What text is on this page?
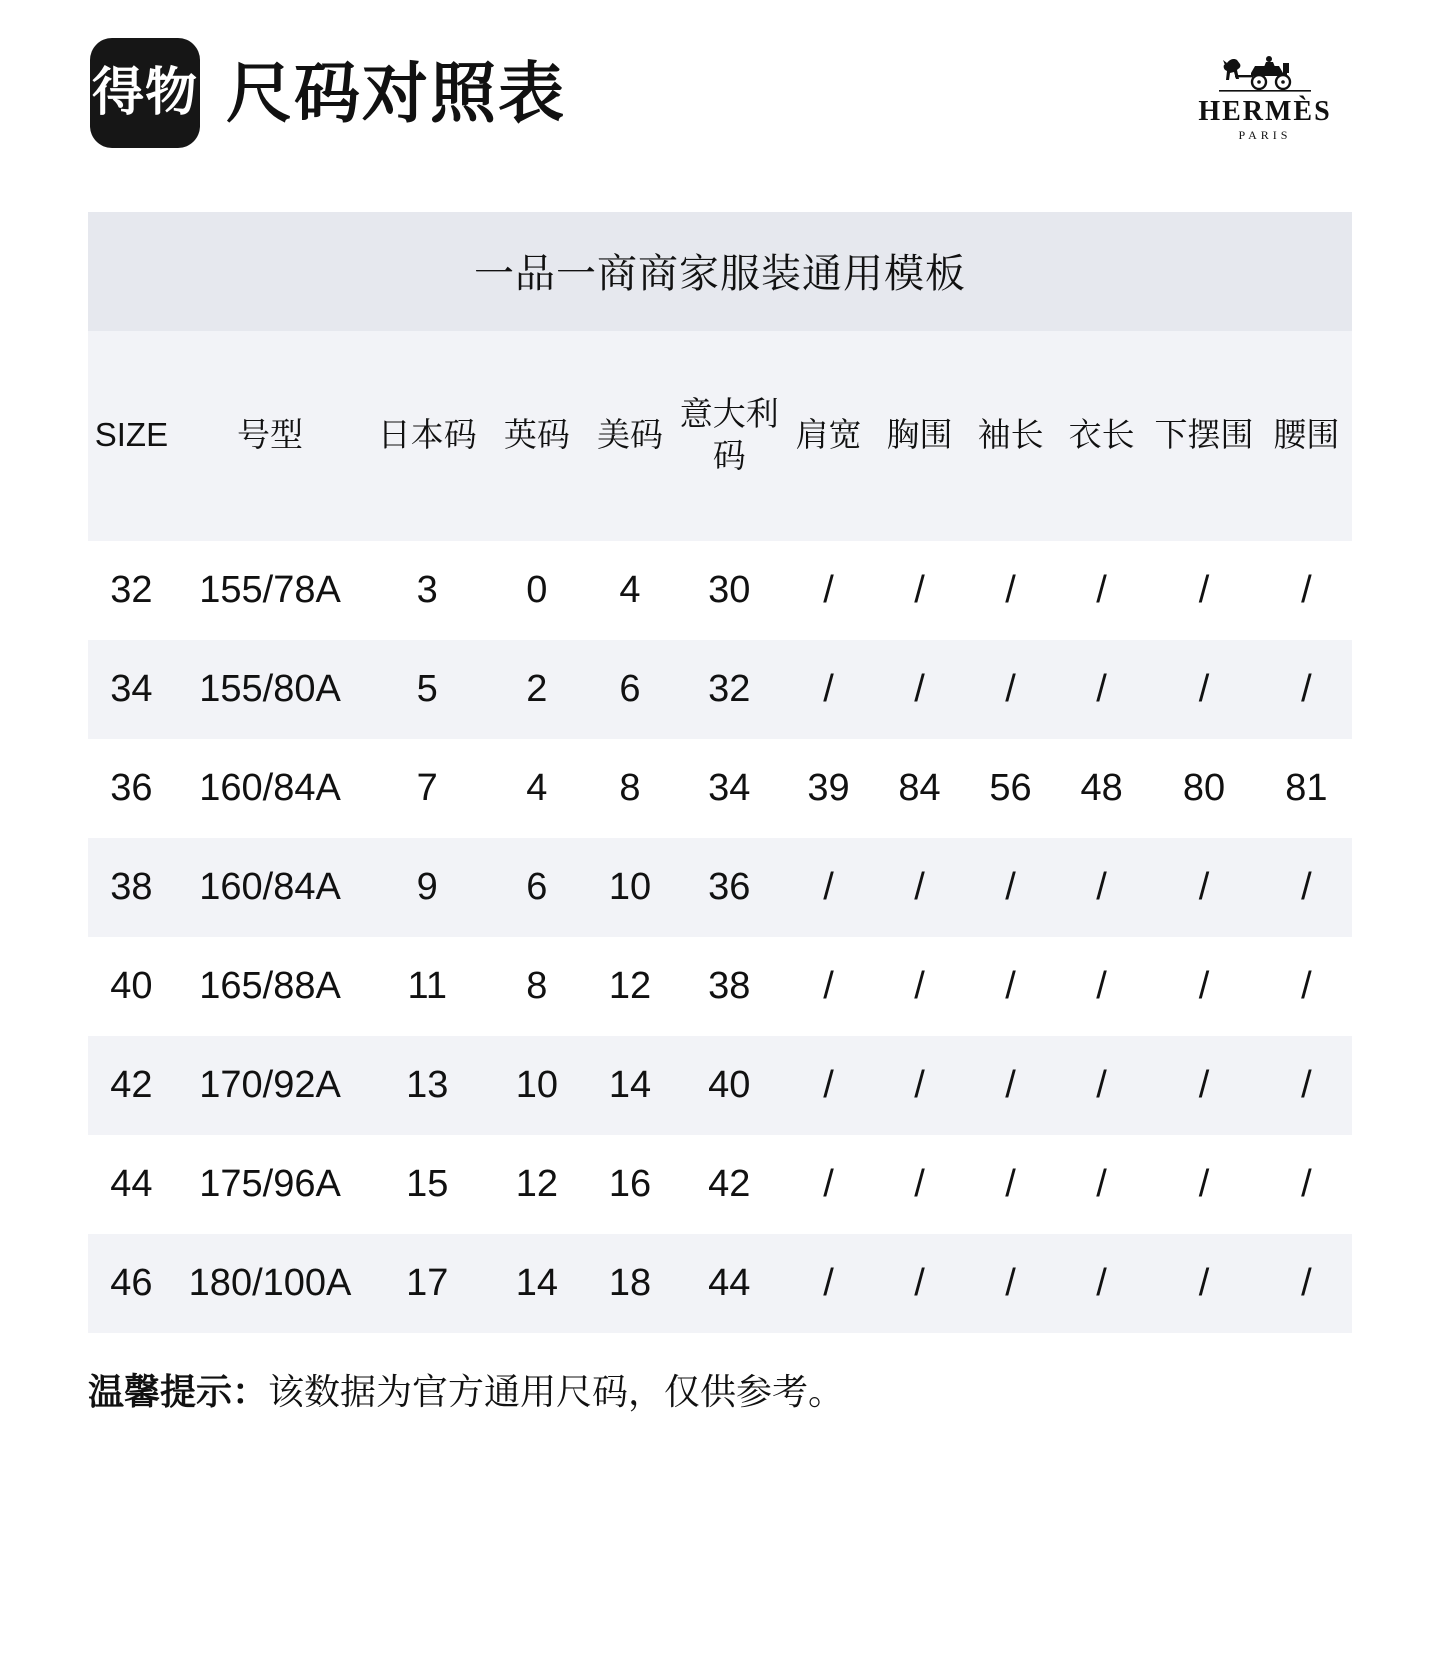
得物 尺码对照表	HERMÈS
PARIS
一品一商商家服装通用模板
SIZE	号型	日本码	英码	美码	意大利码	肩宽	胸围	袖长	衣长	下摆围	腰围
32	155/78A	3	0	4	30	/	/	/	/	/	/
34	155/80A	5	2	6	32	/	/	/	/	/	/
36	160/84A	7	4	8	34	39	84	56	48	80	81
38	160/84A	9	6	10	36	/	/	/	/	/	/
40	165/88A	11	8	12	38	/	/	/	/	/	/
42	170/92A	13	10	14	40	/	/	/	/	/	/
44	175/96A	15	12	16	42	/	/	/	/	/	/
46	180/100A	17	14	18	44	/	/	/	/	/	/
温馨提示：该数据为官方通用尺码，仅供参考。
